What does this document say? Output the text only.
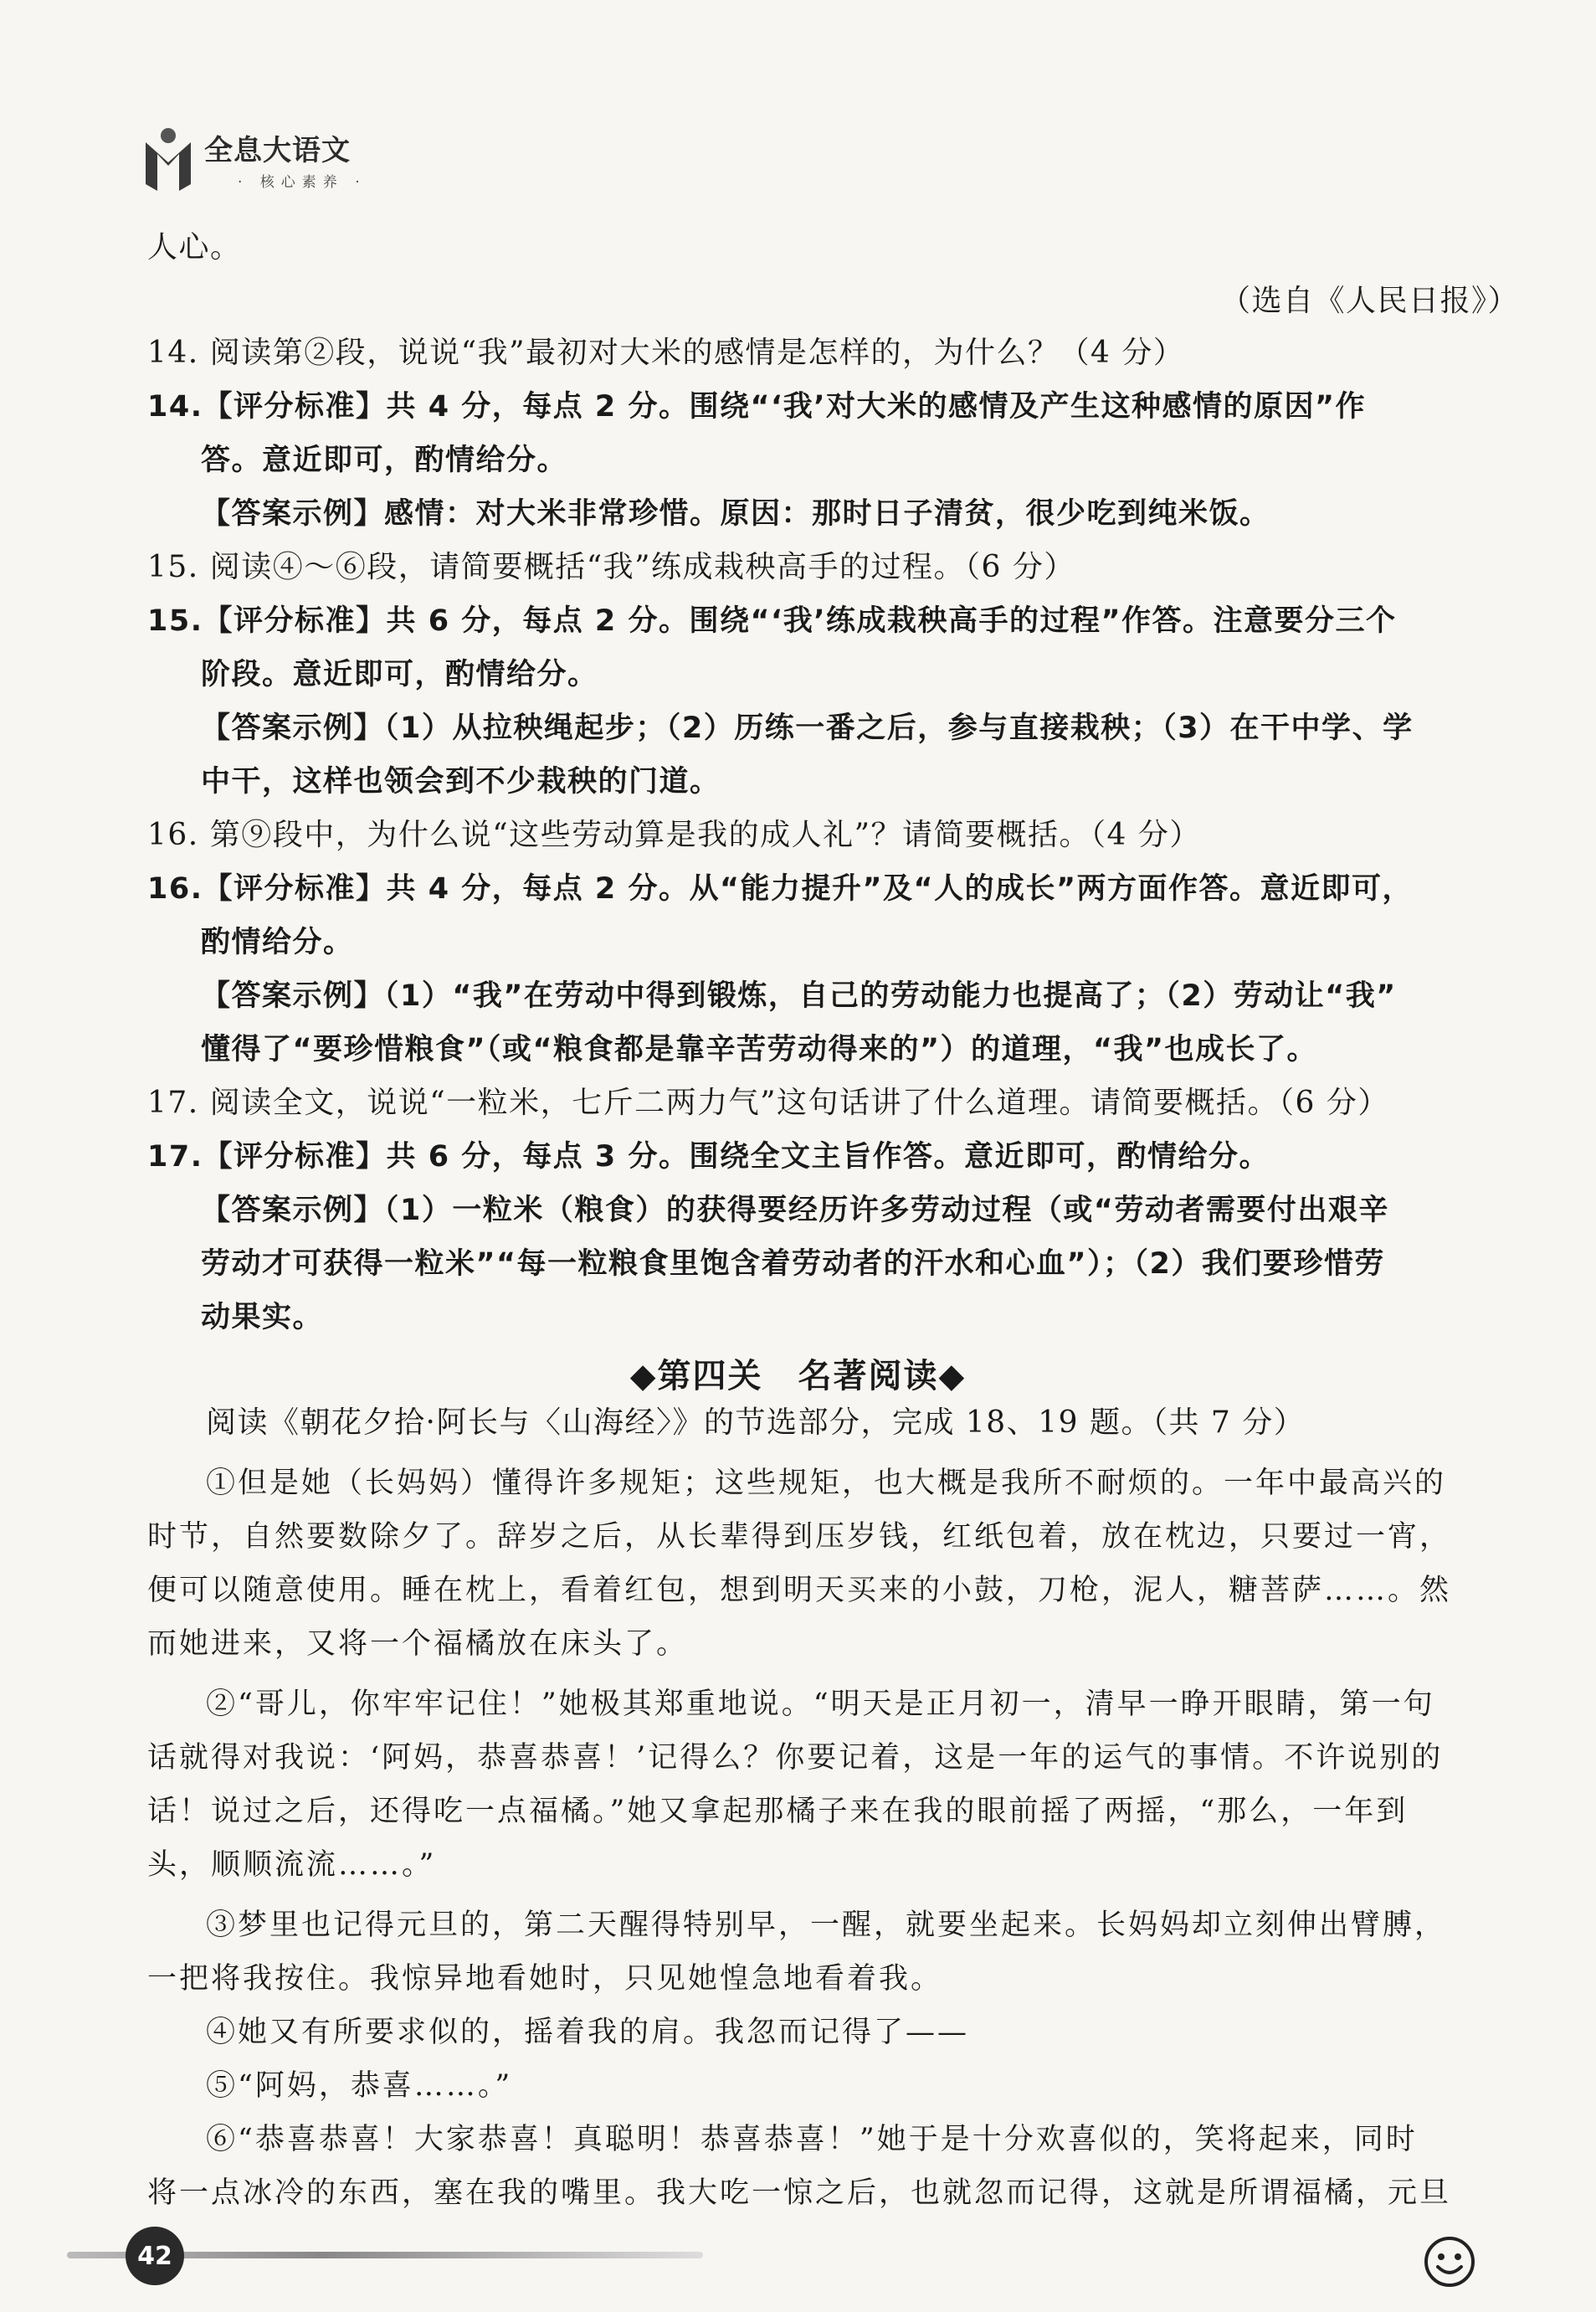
全息大语文
· 核心素养 ·
人心。
（选自《人民日报》）
14. 阅读第②段，说说“我”最初对大米的感情是怎样的，为什么？（4 分）
14.【评分标准】共 4 分，每点 2 分。围绕“‘我’对大米的感情及产生这种感情的原因”作
答。意近即可，酌情给分。
【答案示例】感情：对大米非常珍惜。原因：那时日子清贫，很少吃到纯米饭。
15. 阅读④～⑥段，请简要概括“我”练成栽秧高手的过程。（6 分）
15.【评分标准】共 6 分，每点 2 分。围绕“‘我’练成栽秧高手的过程”作答。注意要分三个
阶段。意近即可，酌情给分。
【答案示例】（1）从拉秧绳起步；（2）历练一番之后，参与直接栽秧；（3）在干中学、学
中干，这样也领会到不少栽秧的门道。
16. 第⑨段中，为什么说“这些劳动算是我的成人礼”？请简要概括。（4 分）
16.【评分标准】共 4 分，每点 2 分。从“能力提升”及“人的成长”两方面作答。意近即可，
酌情给分。
【答案示例】（1）“我”在劳动中得到锻炼，自己的劳动能力也提高了；（2）劳动让“我”
懂得了“要珍惜粮食”（或“粮食都是靠辛苦劳动得来的”）的道理，“我”也成长了。
17. 阅读全文，说说“一粒米，七斤二两力气”这句话讲了什么道理。请简要概括。（6 分）
17.【评分标准】共 6 分，每点 3 分。围绕全文主旨作答。意近即可，酌情给分。
【答案示例】（1）一粒米（粮食）的获得要经历许多劳动过程（或“劳动者需要付出艰辛
劳动才可获得一粒米”“每一粒粮食里饱含着劳动者的汗水和心血”）；（2）我们要珍惜劳
动果实。
◆第四关　名著阅读◆
阅读《朝花夕拾·阿长与〈山海经〉》的节选部分，完成 18、19 题。（共 7 分）
①但是她（长妈妈）懂得许多规矩；这些规矩，也大概是我所不耐烦的。一年中最高兴的
时节，自然要数除夕了。辞岁之后，从长辈得到压岁钱，红纸包着，放在枕边，只要过一宵，
便可以随意使用。睡在枕上，看着红包，想到明天买来的小鼓，刀枪，泥人，糖菩萨……。然
而她进来，又将一个福橘放在床头了。
②“哥儿，你牢牢记住！”她极其郑重地说。“明天是正月初一，清早一睁开眼睛，第一句
话就得对我说：‘阿妈，恭喜恭喜！’记得么？你要记着，这是一年的运气的事情。不许说别的
话！说过之后，还得吃一点福橘。”她又拿起那橘子来在我的眼前摇了两摇，“那么，一年到
头，顺顺流流……。”
③梦里也记得元旦的，第二天醒得特别早，一醒，就要坐起来。长妈妈却立刻伸出臂膊，
一把将我按住。我惊异地看她时，只见她惶急地看着我。
④她又有所要求似的，摇着我的肩。我忽而记得了——
⑤“阿妈，恭喜……。”
⑥“恭喜恭喜！大家恭喜！真聪明！恭喜恭喜！”她于是十分欢喜似的，笑将起来，同时
将一点冰冷的东西，塞在我的嘴里。我大吃一惊之后，也就忽而记得，这就是所谓福橘，元旦
42
